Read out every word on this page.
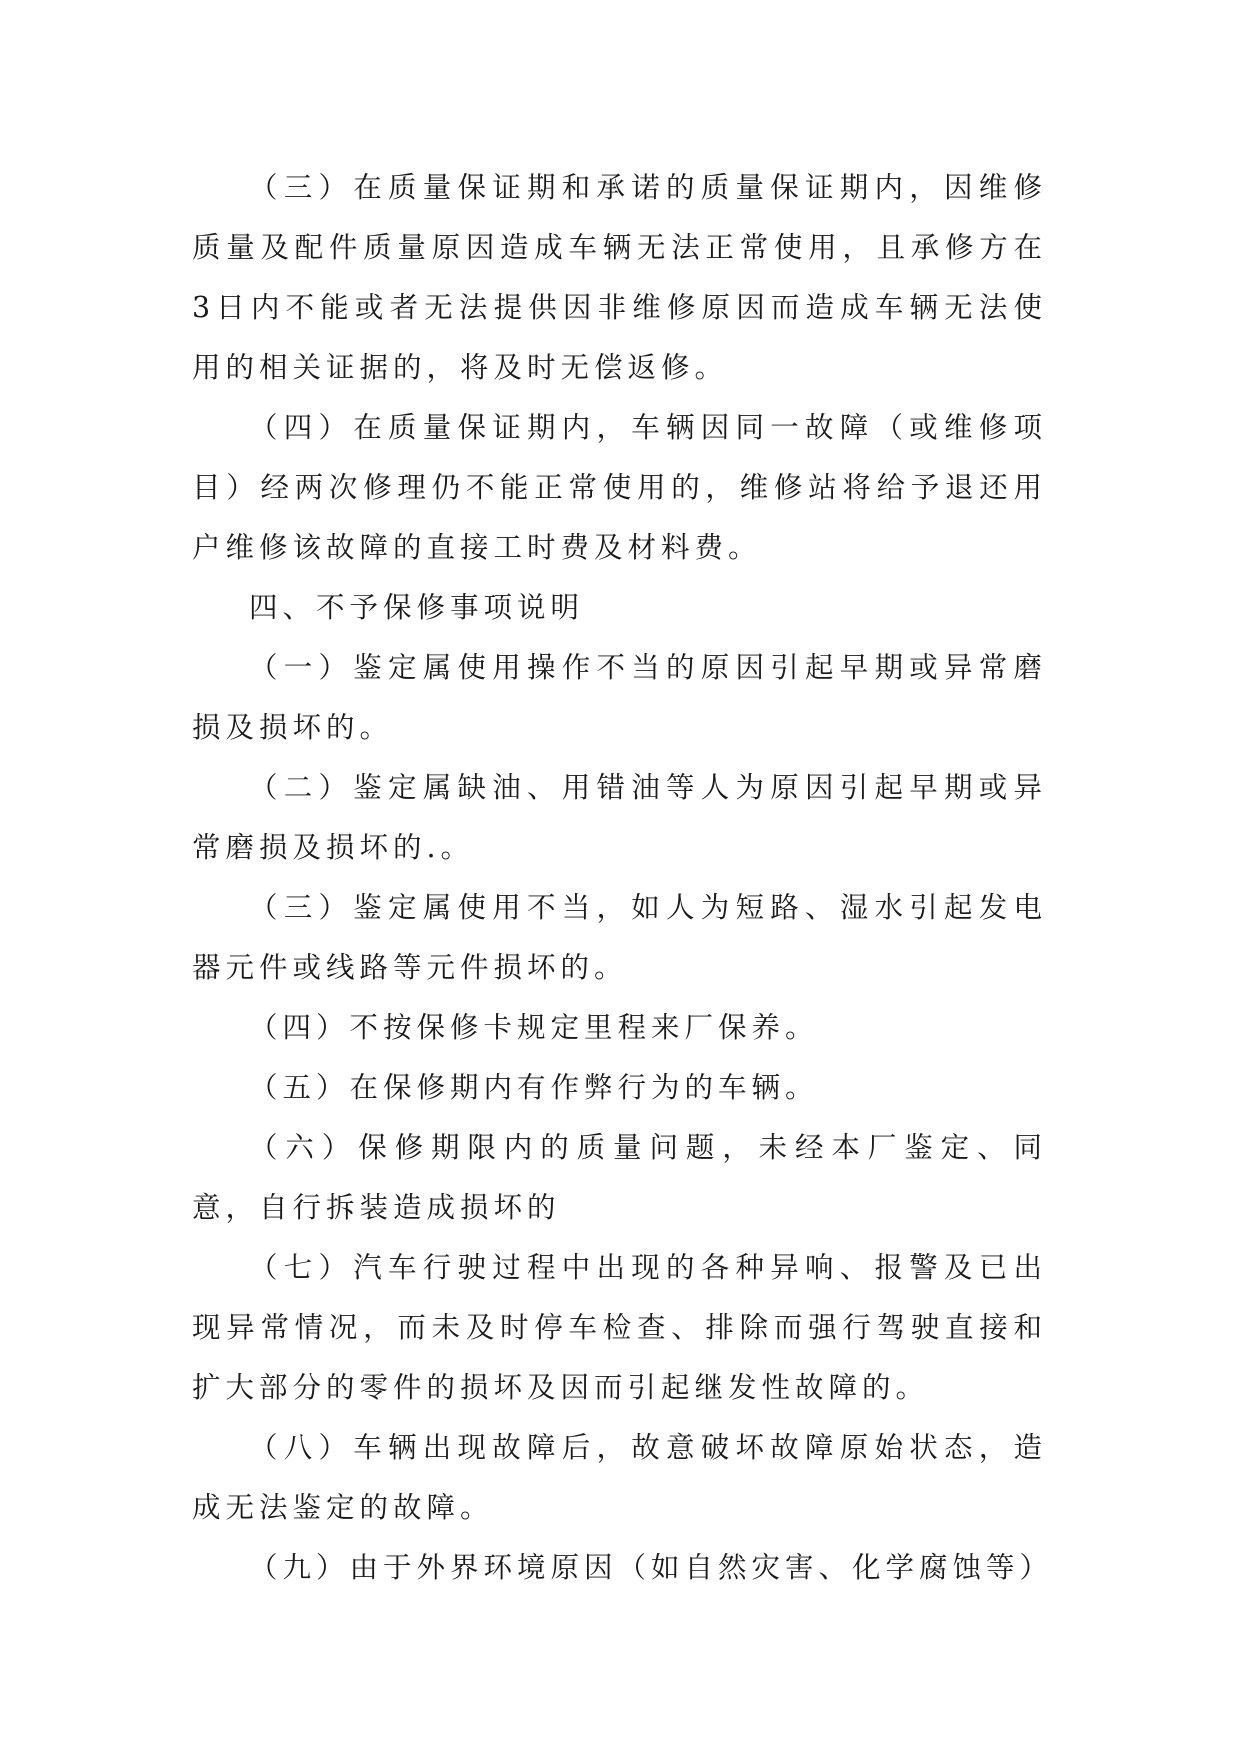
（三）在质量保证期和承诺的质量保证期内，因维修质量及配件质量原因造成车辆无法正常使用，且承修方在3日内不能或者无法提供因非维修原因而造成车辆无法使用的相关证据的，将及时无偿返修。

（四）在质量保证期内，车辆因同一故障（或维修项目）经两次修理仍不能正常使用的，维修站将给予退还用户维修该故障的直接工时费及材料费。

四、不予保修事项说明

（一）鉴定属使用操作不当的原因引起早期或异常磨损及损坏的。

（二）鉴定属缺油、用错油等人为原因引起早期或异常磨损及损坏的.。

（三）鉴定属使用不当，如人为短路、湿水引起发电器元件或线路等元件损坏的。

（四）不按保修卡规定里程来厂保养。

（五）在保修期内有作弊行为的车辆。

（六）保修期限内的质量问题，未经本厂鉴定、同意，自行拆装造成损坏的

（七）汽车行驶过程中出现的各种异响、报警及已出现异常情况，而未及时停车检查、排除而强行驾驶直接和扩大部分的零件的损坏及因而引起继发性故障的。

（八）车辆出现故障后，故意破坏故障原始状态，造成无法鉴定的故障。

（九）由于外界环境原因（如自然灾害、化学腐蚀等）
